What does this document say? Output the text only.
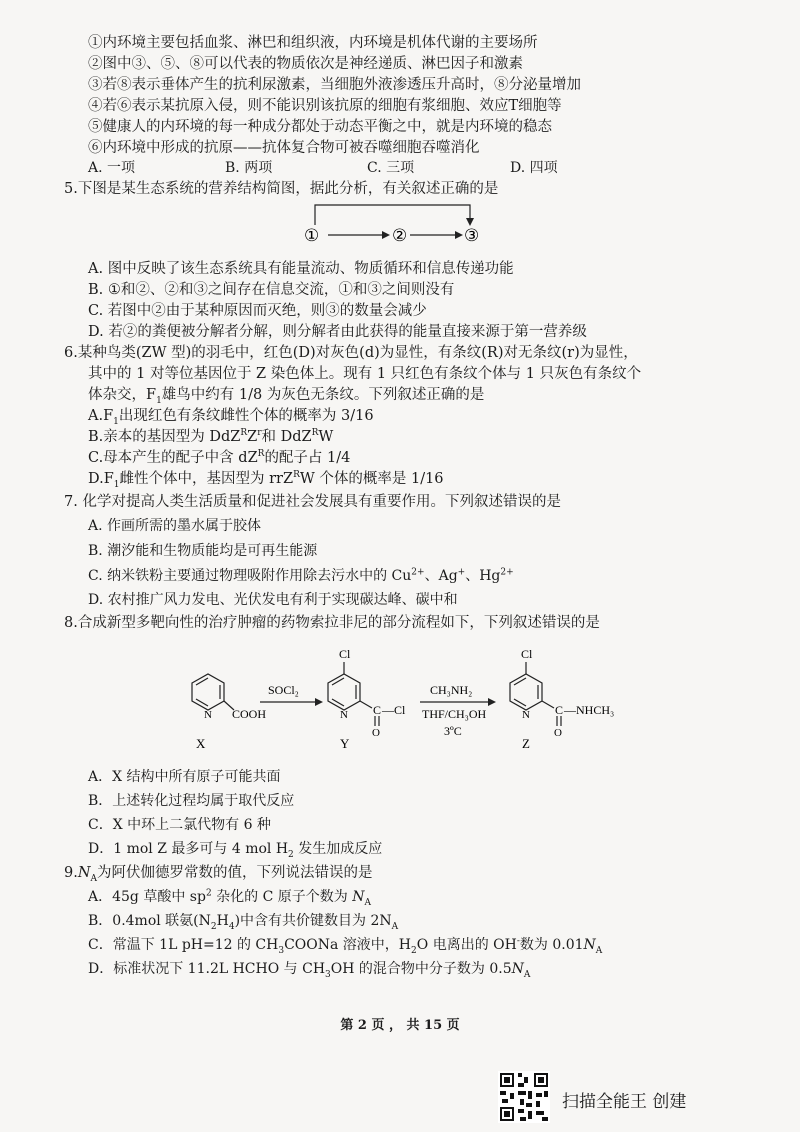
①内环境主要包括血浆、淋巴和组织液，内环境是机体代谢的主要场所
②图中③、⑤、⑧可以代表的物质依次是神经递质、淋巴因子和激素
③若⑧表示垂体产生的抗利尿激素，当细胞外液渗透压升高时，⑧分泌量增加
④若⑥表示某抗原入侵，则不能识别该抗原的细胞有浆细胞、效应T细胞等
⑤健康人的内环境的每一种成分都处于动态平衡之中，就是内环境的稳态
⑥内环境中形成的抗原——抗体复合物可被吞噬细胞吞噬消化
A. 一项	B. 两项	C. 三项	D. 四项
5.下图是某生态系统的营养结构简图，据此分析，有关叙述正确的是
①	②	③
A. 图中反映了该生态系统具有能量流动、物质循环和信息传递功能
B. ①和②、②和③之间存在信息交流，①和③之间则没有
C. 若图中②由于某种原因而灭绝，则③的数量会减少
D. 若②的粪便被分解者分解，则分解者由此获得的能量直接来源于第一营养级
6.某种鸟类(ZW 型)的羽毛中，红色(D)对灰色(d)为显性，有条纹(R)对无条纹(r)为显性，
其中的 1 对等位基因位于 Z 染色体上。现有 1 只红色有条纹个体与 1 只灰色有条纹个
体杂交，$F_1$雄鸟中约有 1/8 为灰色无条纹。下列叙述正确的是
$A.F_1$出现红色有条纹雌性个体的概率为 3/16
B.亲本的基因型为 $DdZ^RZ^r$和 DdZ$^R$W
C.母本产生的配子中含 $dZ^R$的配子占 1/4
$D.F_1$雌性个体中，基因型为 rrZ$^R$W 个体的概率是 1/16
7. 化学对提高人类生活质量和促进社会发展具有重要作用。下列叙述错误的是
A. 作画所需的墨水属于胶体
B. 潮汐能和生物质能均是可再生能源
C. 纳米铁粉主要通过物理吸附作用除去污水中的 $Cu^{2+}$、Ag+、$Hg^{2+}$
D. 农村推广风力发电、光伏发电有利于实现碳达峰、碳中和
8.合成新型多靶向性的治疗肿瘤的药物索拉非尼的部分流程如下，下列叙述错误的是
N COOH
X
SOCl₂
Cl
N C —Cl
O
Y
CH₃NH₂
THF/CH₃OH
3ºC
Cl
N C —NHCH₃
O
Z
A．X 结构中所有原子可能共面
B．上述转化过程均属于取代反应
C．X 中环上二氯代物有 6 种
D．1 mol Z 最多可与 4 mol $H_2$ 发生加成反应
$9.N_A$为阿伏伽德罗常数的值，下列说法错误的是
A．45g 草酸中 $sp^2$ 杂化的 C 原子个数为 $N_A$
B．0.4mol 联氨$(N_2H_4)$中含有共价键数目为 $2N_A$
C．常温下 1L pH=12 的 $CH_3COONa$ 溶液中，$H_2O$ 电离出的 OH-数为 $0.01N_A$
D．标准状况下 11.2L HCHO 与 $CH_3OH$ 的混合物中分子数为 $0.5N_A$
第 2 页 ， 共 15 页
扫描全能王 创建
